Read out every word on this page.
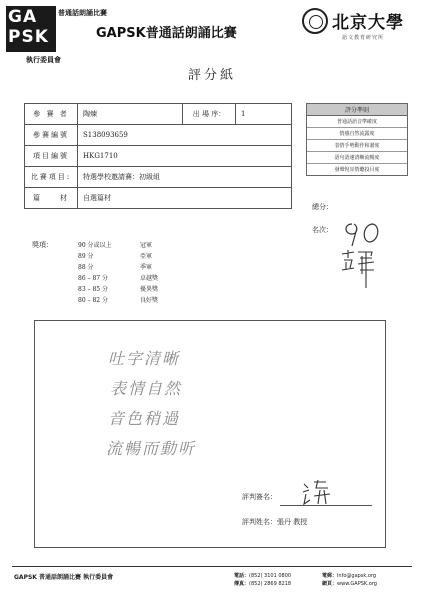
GA
PSK
普通話朗誦比賽
執行委員會
GAPSK普通話朗誦比賽
北京大學
語文教育研究所
評分紙
參 賽 者	陶煉	出 場 序：	1
參賽編號	S138093659		
項目編號	HKG1710		
比賽項目:	特選學校邀請賽：初級組		
篇　　材	自選篇材		
評分準則
普通話語音準確度
情感自然流露度
表情手勢動作和諧度
語句語速清晰流暢度
發聲悅耳情聽投目度
總分：
名次：
獎項：	90 分或以上	冠軍
89 分	亞軍
88 分	季軍
86 – 87 分	卓越獎
83 – 85 分	優異獎
80 – 82 分	良好獎
吐字清晰
表情自然
音色稍過
流暢而動听
評判簽名：
評判姓名：張丹 教授
GAPSK 普通話朗誦比賽 執行委員會	電話：(852) 3101 0800
傳真：(852) 2869 8218
電郵：info@gapsk.org
網頁：www.GAPSK.org
